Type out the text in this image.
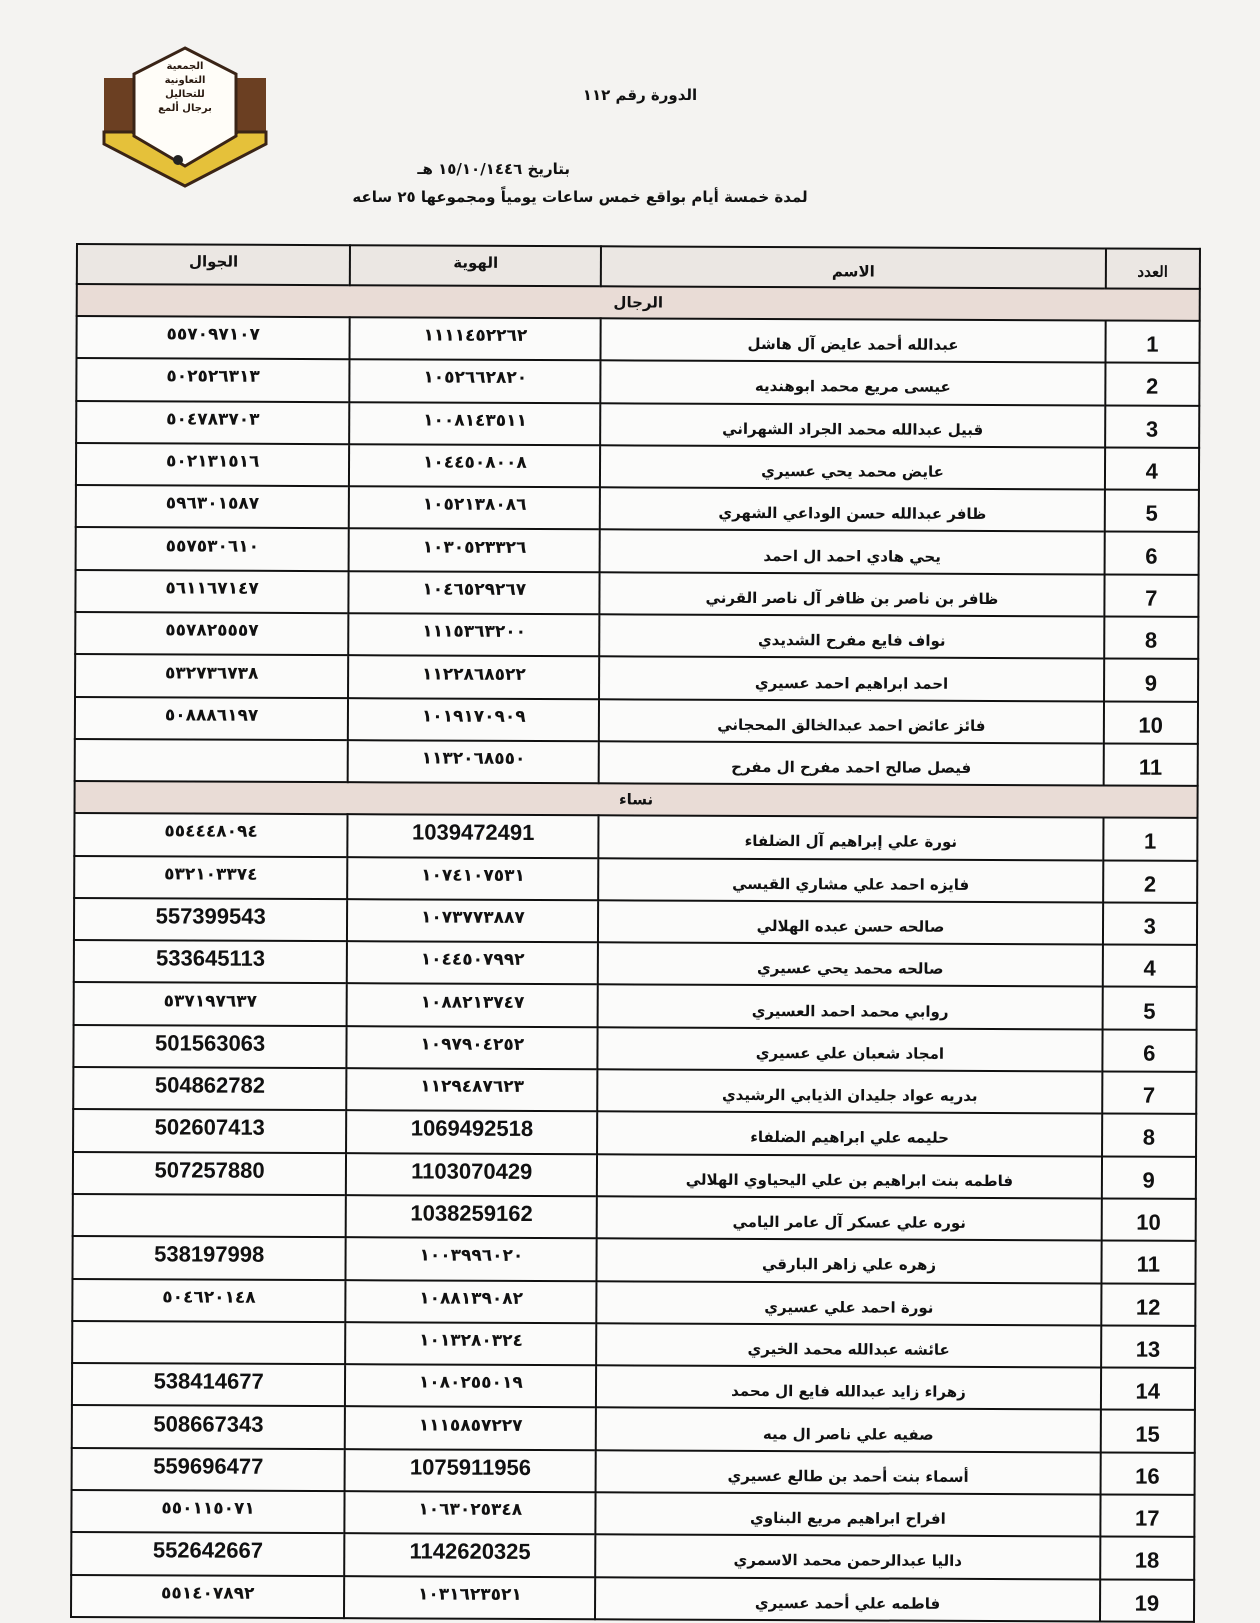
الجمعية
التعاونية
للتحاليل
برجال ألمع
الدورة رقم ١١٢
بتاريخ ١٥/١٠/١٤٤٦ هـ
لمدة خمسة أيام بواقع خمس ساعات يومياً ومجموعها ٢٥ ساعه
العدد	الاسم	الهوية	الجوال
الرجال			
1	عبدالله أحمد عايض آل هاشل	١١١١٤٥٢٢٦٢	٥٥٧٠٩٧١٠٧
2	عيسى مريع محمد ابوهنديه	١٠٥٢٦٦٢٨٢٠	٥٠٢٥٢٦٣١٣
3	قبيل عبدالله محمد الجراد الشهراني	١٠٠٨١٤٣٥١١	٥٠٤٧٨٣٧٠٣
4	عايض محمد يحي عسيري	١٠٤٤٥٠٨٠٠٨	٥٠٢١٣١٥١٦
5	ظافر عبدالله حسن الوداعي الشهري	١٠٥٢١٣٨٠٨٦	٥٩٦٣٠١٥٨٧
6	يحي هادي احمد ال احمد	١٠٣٠٥٢٣٣٢٦	٥٥٧٥٣٠٦١٠
7	ظافر بن ناصر بن ظافر آل ناصر القرني	١٠٤٦٥٢٩٢٦٧	٥٦١١٦٧١٤٧
8	نواف فايع مفرح الشديدي	١١١٥٣٦٣٢٠٠	٥٥٧٨٢٥٥٥٧
9	احمد ابراهيم احمد عسيري	١١٢٢٨٦٨٥٢٢	٥٣٢٧٣٦٧٣٨
10	فائز عائض احمد عبدالخالق المحجاني	١٠١٩١٧٠٩٠٩	٥٠٨٨٨٦١٩٧
11	فيصل صالح احمد مفرح ال مفرح	١١٣٢٠٦٨٥٥٠	
نساء			
1	نورة علي إبراهيم آل الضلفاء	1039472491	٥٥٤٤٤٨٠٩٤
2	فايزه احمد علي مشاري القيسي	١٠٧٤١٠٧٥٣١	٥٣٢١٠٣٣٧٤
3	صالحه حسن عبده الهلالي	١٠٧٣٧٧٣٨٨٧	557399543
4	صالحه محمد يحي عسيري	١٠٤٤٥٠٧٩٩٢	533645113
5	روابي محمد احمد العسيري	١٠٨٨٢١٣٧٤٧	٥٣٧١٩٧٦٣٧
6	امجاد شعبان علي عسيري	١٠٩٧٩٠٤٢٥٢	501563063
7	بدريه عواد جليدان الذيابي الرشيدي	١١٢٩٤٨٧٦٢٣	504862782
8	حليمه علي ابراهيم الضلفاء	1069492518	502607413
9	فاطمه بنت ابراهيم بن علي اليحياوي الهلالي	1103070429	507257880
10	نوره علي عسكر آل عامر اليامي	1038259162	
11	زهره علي زاهر البارقي	١٠٠٣٩٩٦٠٢٠	538197998
12	نورة احمد علي عسيري	١٠٨٨١٣٩٠٨٢	٥٠٤٦٢٠١٤٨
13	عائشه عبدالله محمد الخيري	١٠١٣٢٨٠٣٢٤	
14	زهراء زايد عبدالله فايع ال محمد	١٠٨٠٢٥٥٠١٩	538414677
15	صفيه علي ناصر ال ميه	١١١٥٨٥٧٢٢٧	508667343
16	أسماء بنت أحمد بن طالع عسيري	1075911956	559696477
17	افراح ابراهيم مريع البناوي	١٠٦٣٠٢٥٣٤٨	٥٥٠١١٥٠٧١
18	داليا عبدالرحمن محمد الاسمري	1142620325	552642667
19	فاطمه علي أحمد عسيري	١٠٣١٦٢٣٥٢١	٥٥١٤٠٧٨٩٢
